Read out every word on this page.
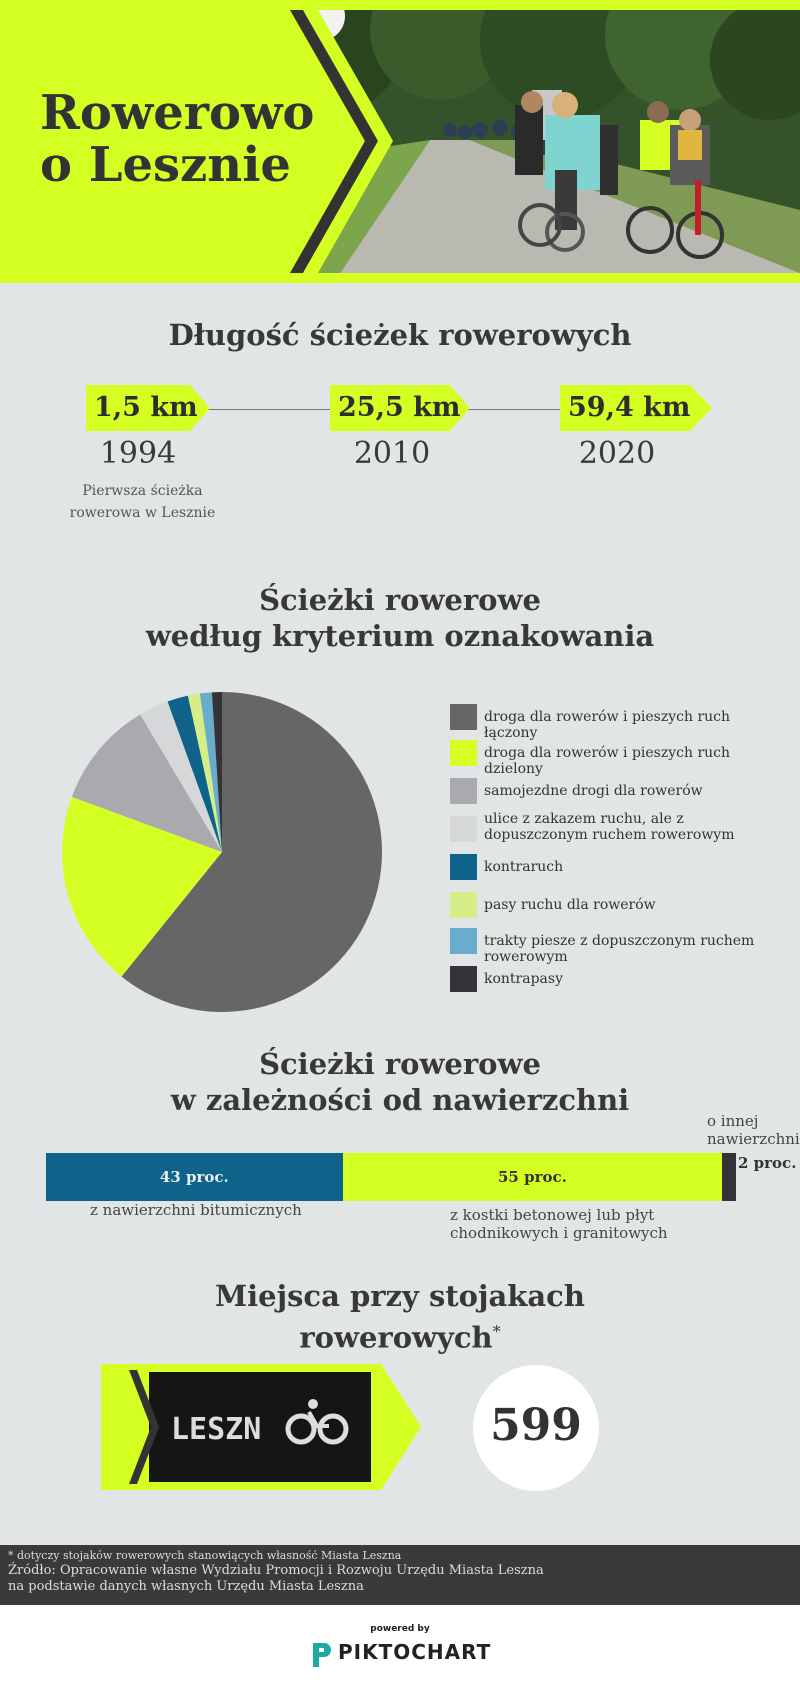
Rowerowo
o Lesznie
Długość ścieżek rowerowych
1,5 km	25,5 km	59,4 km
1994	2010	2020
Pierwsza ścieżka rowerowa w Lesznie
Ścieżki rowerowe
według kryterium oznakowania
droga dla rowerów i pieszych ruch łączony
droga dla rowerów i pieszych ruch dzielony
samojezdne drogi dla rowerów
ulice z zakazem ruchu, ale z dopuszczonym ruchem rowerowym
kontraruch
pasy ruchu dla rowerów
trakty piesze z dopuszczonym ruchem rowerowym
kontrapasy
Ścieżki rowerowe
w zależności od nawierzchni
43 proc.
z nawierzchni bitumicznych
55 proc.
z kostki betonowej lub płyt chodnikowych i granitowych
2 proc.
o innej nawierzchni
Miejsca przy stojakach
rowerowych*
LESZN	599
* dotyczy stojaków rowerowych stanowiących własność Miasta Leszna
Źródło: Opracowanie własne Wydziału Promocji i Rozwoju Urzędu Miasta Leszna
na podstawie danych własnych Urzędu Miasta Leszna
powered by
PIKTOCHART
